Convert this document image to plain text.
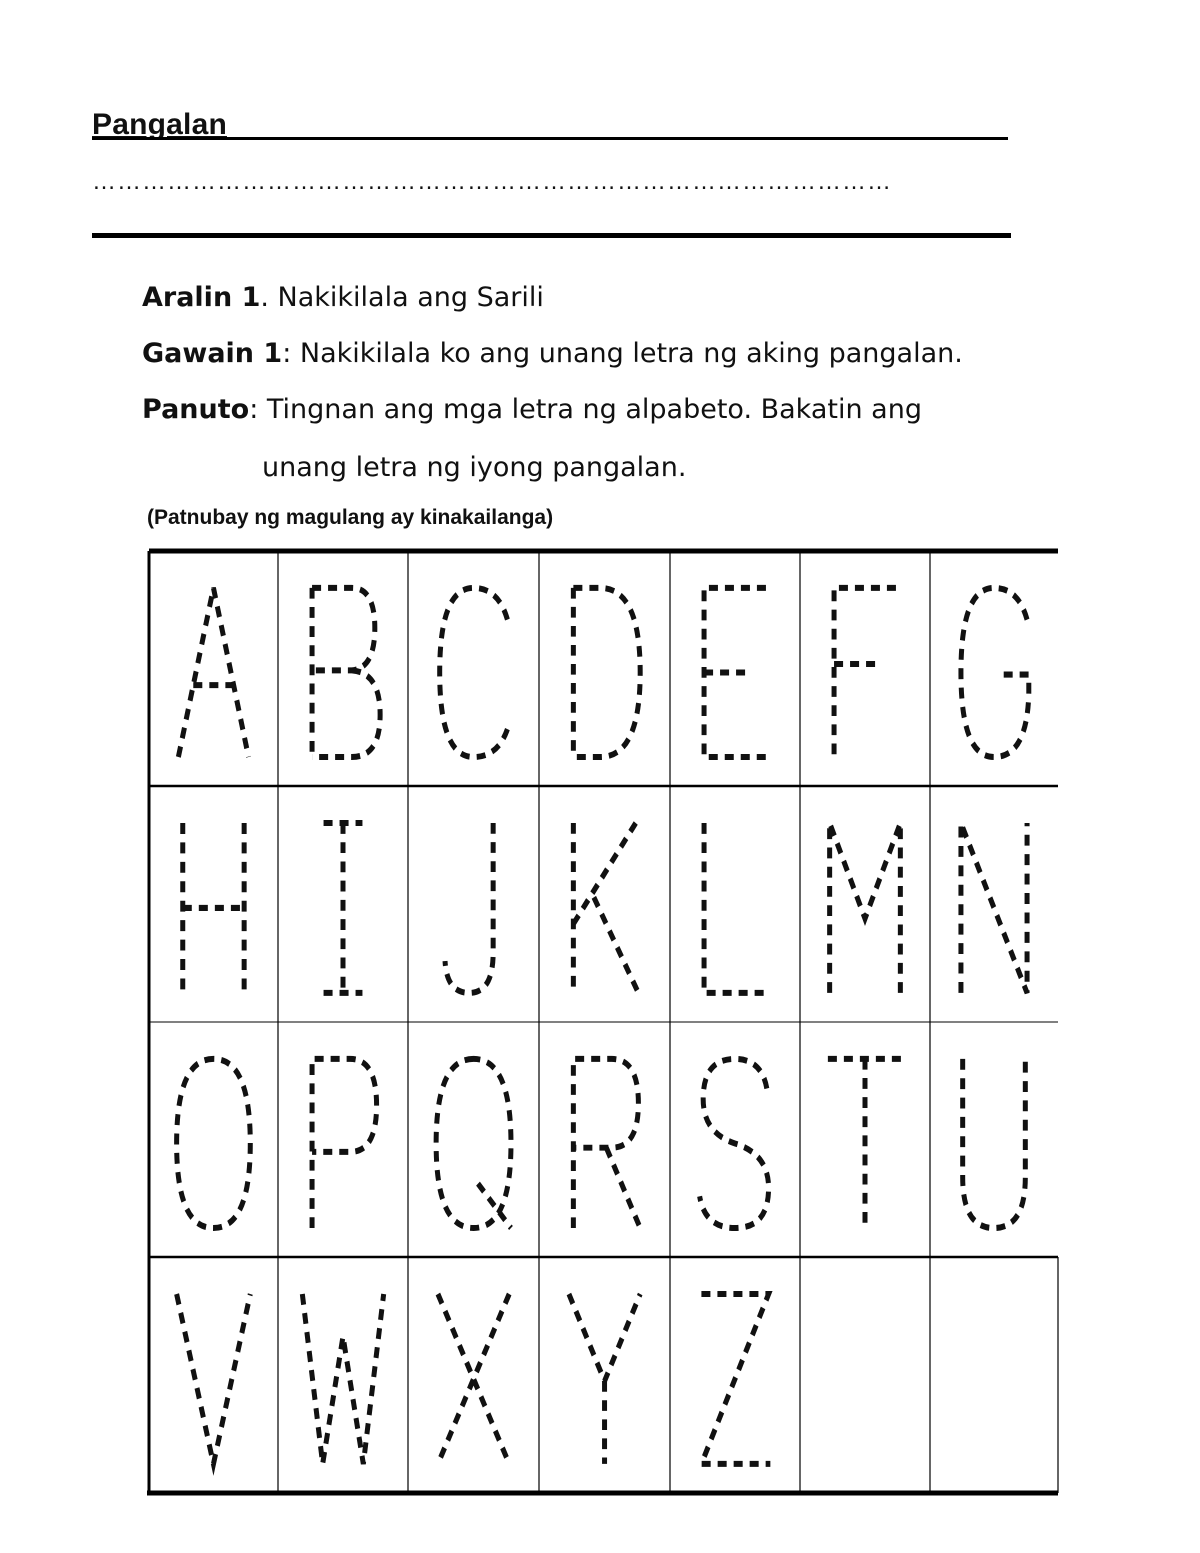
Pangalan
……………………………………………………………………………………
Aralin 1. Nakikilala ang Sarili
Gawain 1: Nakikilala ko ang unang letra ng aking pangalan.
Panuto: Tingnan ang mga letra ng alpabeto. Bakatin ang
unang letra ng iyong pangalan.
(Patnubay ng magulang ay kinakailanga)
